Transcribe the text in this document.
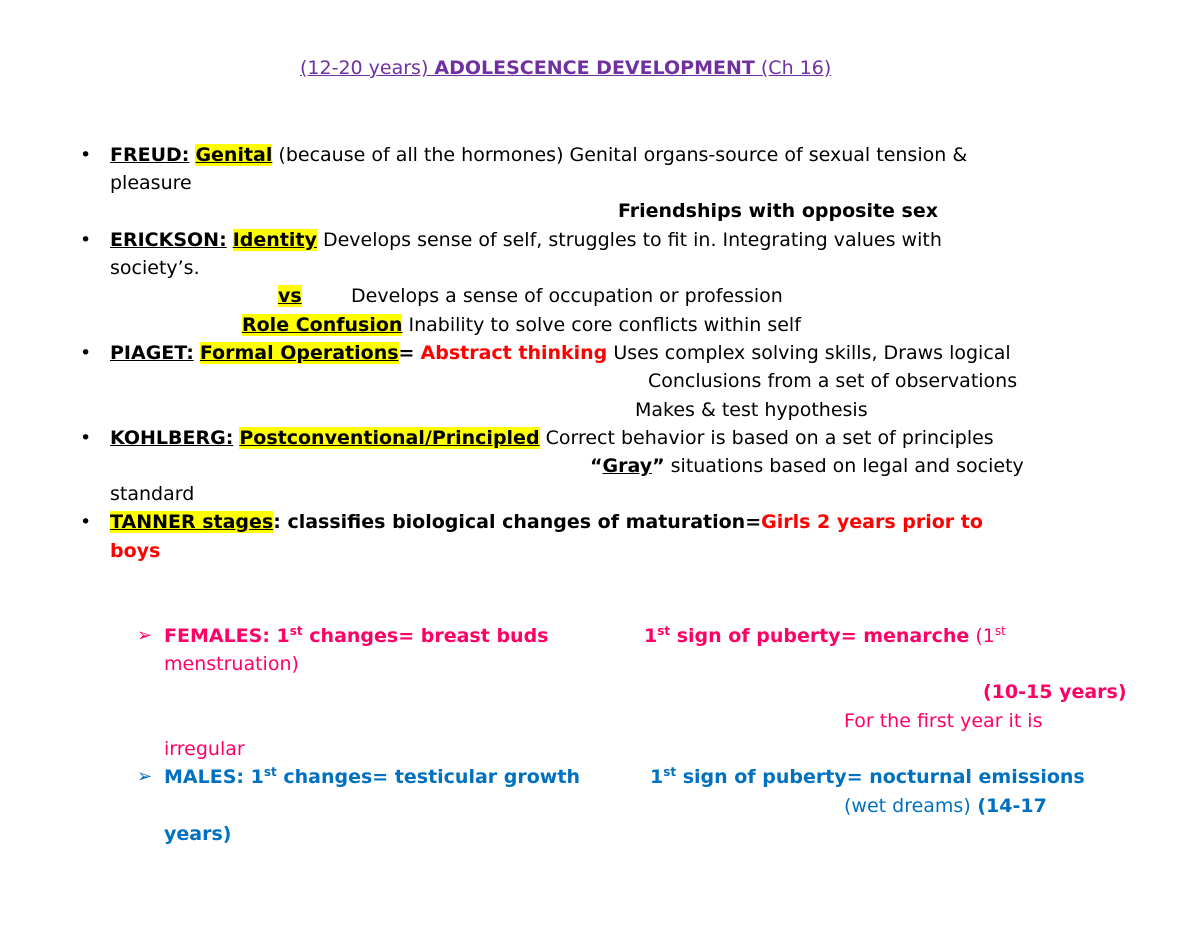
(12-20 years) ADOLESCENCE DEVELOPMENT (Ch 16)
• FREUD: Genital (because of all the hormones) Genital organs-source of sexual tension &
pleasure
Friendships with opposite sex
• ERICKSON: Identity Develops sense of self, struggles to fit in. Integrating values with
society’s.
vs	Develops a sense of occupation or profession
Role Confusion Inability to solve core conflicts within self
• PIAGET: Formal Operations= Abstract thinking Uses complex solving skills, Draws logical
Conclusions from a set of observations
Makes & test hypothesis
• KOHLBERG: Postconventional/Principled Correct behavior is based on a set of principles
“Gray” situations based on legal and society
standard
• TANNER stages: classifies biological changes of maturation=Girls 2 years prior to
boys
➢ FEMALES: 1st changes= breast buds	1st sign of puberty= menarche (1st
menstruation)
(10-15 years)
For the first year it is
irregular
➢ MALES: 1st changes= testicular growth	1st sign of puberty= nocturnal emissions
(wet dreams) (14-17
years)
